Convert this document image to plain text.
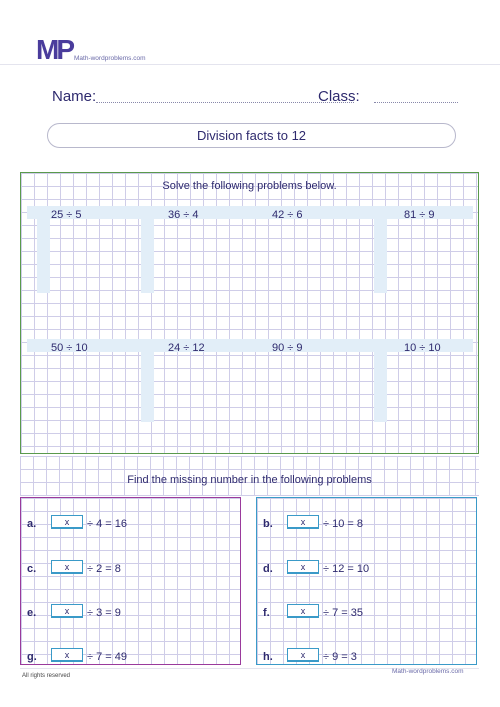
MP Math-wordproblems.com
Name:	Class:
Division facts to 12
Solve the following problems below.
25 ÷ 5	36 ÷ 4	42 ÷ 6	81 ÷ 9
50 ÷ 10	24 ÷ 12	90 ÷ 9	10 ÷ 10
Find the missing number in the following problems
a.	x	÷ 4 = 16
c.	x	÷ 2 = 8
e.	x	÷ 3 = 9
g.	x	÷ 7 = 49
b.	x	÷ 10 = 8
d.	x	÷ 12 = 10
f.	x	÷ 7 = 35
h.	x	÷ 9 = 3
All rights reserved
Math-wordproblems.com
